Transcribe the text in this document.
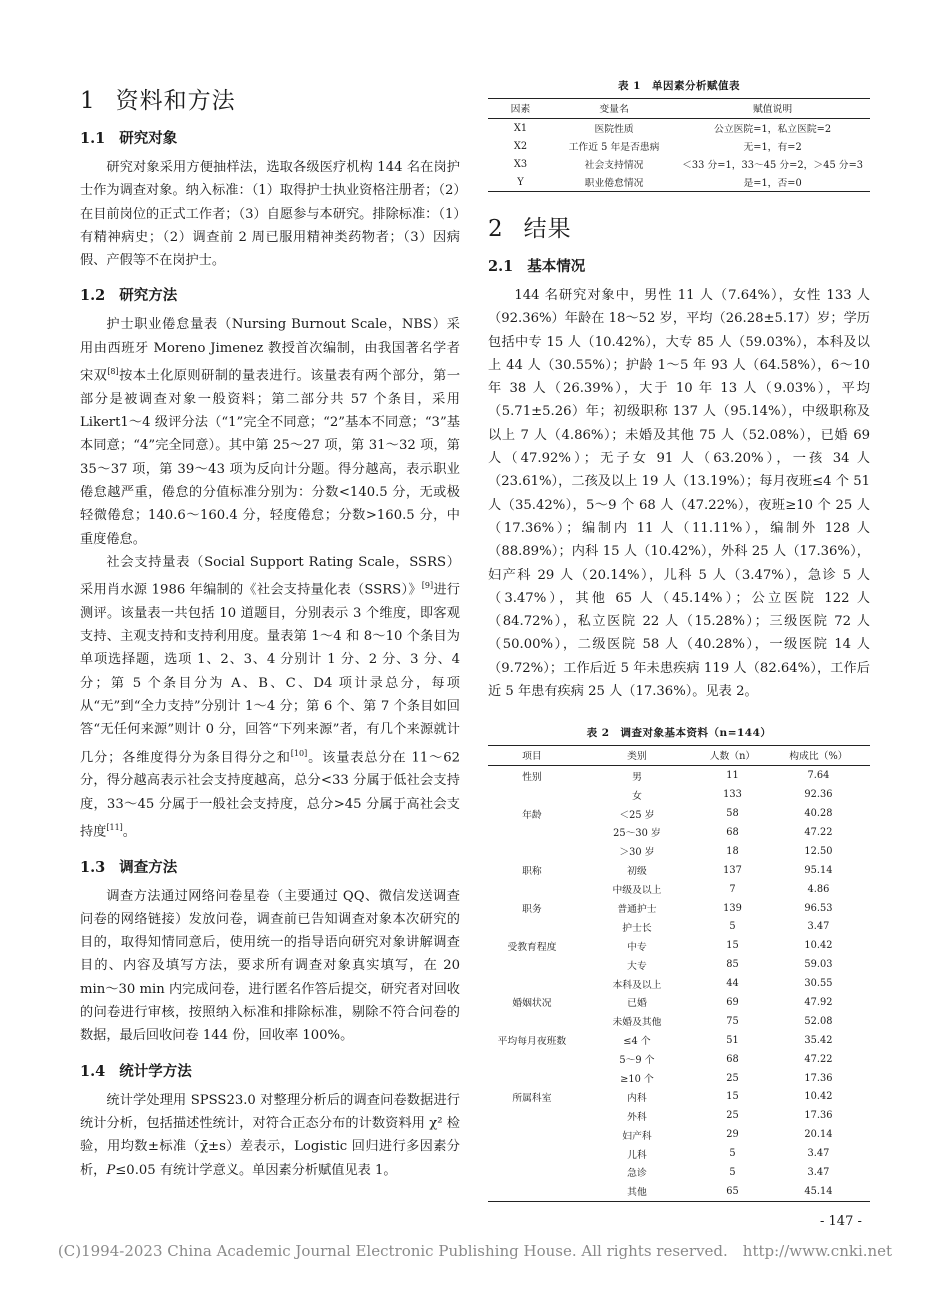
1 资料和方法
1.1 研究对象

研究对象采用方便抽样法，选取各级医疗机构 144 名在岗护士作为调查对象。纳入标准：（1）取得护士执业资格注册者；（2）在目前岗位的正式工作者；（3）自愿参与本研究。排除标准：（1）有精神病史；（2）调查前 2 周已服用精神类药物者；（3）因病假、产假等不在岗护士。

1.2 研究方法

护士职业倦怠量表（Nursing Burnout Scale，NBS）采用由西班牙 Moreno Jimenez 教授首次编制，由我国著名学者宋双[8]按本土化原则研制的量表进行。该量表有两个部分，第一部分是被调查对象一般资料；第二部分共 57 个条目，采用 Likert1～4 级评分法（“1”完全不同意；“2”基本不同意；“3”基本同意；“4”完全同意）。其中第 25～27 项，第 31～32 项，第 35～37 项，第 39～43 项为反向计分题。得分越高，表示职业倦怠越严重，倦怠的分值标准分别为：分数<140.5 分，无或极轻微倦怠；140.6～160.4 分，轻度倦怠；分数>160.5 分，中重度倦怠。

社会支持量表（Social Support Rating Scale，SSRS）采用肖水源 1986 年编制的《社会支持量化表（SSRS）》[9]进行测评。该量表一共包括 10 道题目，分别表示 3 个维度，即客观支持、主观支持和支持利用度。量表第 1～4 和 8～10 个条目为单项选择题，选项 1、2、3、4 分别计 1 分、2 分、3 分、4 分；第 5 个条目分为 A、B、C、D4 项计录总分，每项从“无”到“全力支持”分别计 1～4 分；第 6 个、第 7 个条目如回答“无任何来源”则计 0 分，回答“下列来源”者，有几个来源就计几分；各维度得分为条目得分之和[10]。该量表总分在 11～62 分，得分越高表示社会支持度越高，总分<33 分属于低社会支持度，33～45 分属于一般社会支持度，总分>45 分属于高社会支持度[11]。

1.3 调查方法

调查方法通过网络问卷星卷（主要通过 QQ、微信发送调查问卷的网络链接）发放问卷，调查前已告知调查对象本次研究的目的，取得知情同意后，使用统一的指导语向研究对象讲解调查目的、内容及填写方法，要求所有调查对象真实填写，在 20 min～30 min 内完成问卷，进行匿名作答后提交，研究者对回收的问卷进行审核，按照纳入标准和排除标准，剔除不符合问卷的数据，最后回收问卷 144 份，回收率 100%。

1.4 统计学方法

统计学处理用 SPSS23.0 对整理分析后的调查问卷数据进行统计分析，包括描述性统计，对符合正态分布的计数资料用 χ² 检验，用均数±标准（χ̄±s）差表示，Logistic 回归进行多因素分析，P≤0.05 有统计学意义。单因素分析赋值见表 1。

表 1　单因素分析赋值表
因素	变量名	赋值说明
X1	医院性质	公立医院=1，私立医院=2
X2	工作近 5 年是否患病	无=1，有=2
X3	社会支持情况	＜33 分=1，33～45 分=2，＞45 分=3
Y	职业倦怠情况	是=1，否=0
2 结果
2.1 基本情况

144 名研究对象中，男性 11 人（7.64%），女性 133 人（92.36%）年龄在 18～52 岁，平均（26.28±5.17）岁；学历包括中专 15 人（10.42%），大专 85 人（59.03%），本科及以上 44 人（30.55%）；护龄 1～5 年 93 人（64.58%），6～10 年 38 人（26.39%），大于 10 年 13 人（9.03%），平均（5.71±5.26）年；初级职称 137 人（95.14%），中级职称及以上 7 人（4.86%）；未婚及其他 75 人（52.08%），已婚 69 人（47.92%）；无子女 91 人（63.20%），一孩 34 人（23.61%），二孩及以上 19 人（13.19%）；每月夜班≤4 个 51 人（35.42%），5～9 个 68 人（47.22%），夜班≥10 个 25 人（17.36%）；编制内 11 人（11.11%），编制外 128 人（88.89%）；内科 15 人（10.42%），外科 25 人（17.36%），妇产科 29 人（20.14%），儿科 5 人（3.47%），急诊 5 人（3.47%），其他 65 人（45.14%）；公立医院 122 人（84.72%），私立医院 22 人（15.28%）；三级医院 72 人（50.00%），二级医院 58 人（40.28%），一级医院 14 人（9.72%）；工作后近 5 年未患疾病 119 人（82.64%），工作后近 5 年患有疾病 25 人（17.36%）。见表 2。

表 2　调查对象基本资料（n=144）
项目	类别	人数（n）	构成比（%）
性别	男	11	7.64
	女	133	92.36
年龄	＜25 岁	58	40.28
	25～30 岁	68	47.22
	＞30 岁	18	12.50
职称	初级	137	95.14
	中级及以上	7	4.86
职务	普通护士	139	96.53
	护士长	5	3.47
受教育程度	中专	15	10.42
	大专	85	59.03
	本科及以上	44	30.55
婚姻状况	已婚	69	47.92
	未婚及其他	75	52.08
平均每月夜班数	≤4 个	51	35.42
	5～9 个	68	47.22
	≥10 个	25	17.36
所属科室	内科	15	10.42
	外科	25	17.36
	妇产科	29	20.14
	儿科	5	3.47
	急诊	5	3.47
	其他	65	45.14
- 147 -
(C)1994-2023 China Academic Journal Electronic Publishing House. All rights reserved.　http://www.cnki.net
